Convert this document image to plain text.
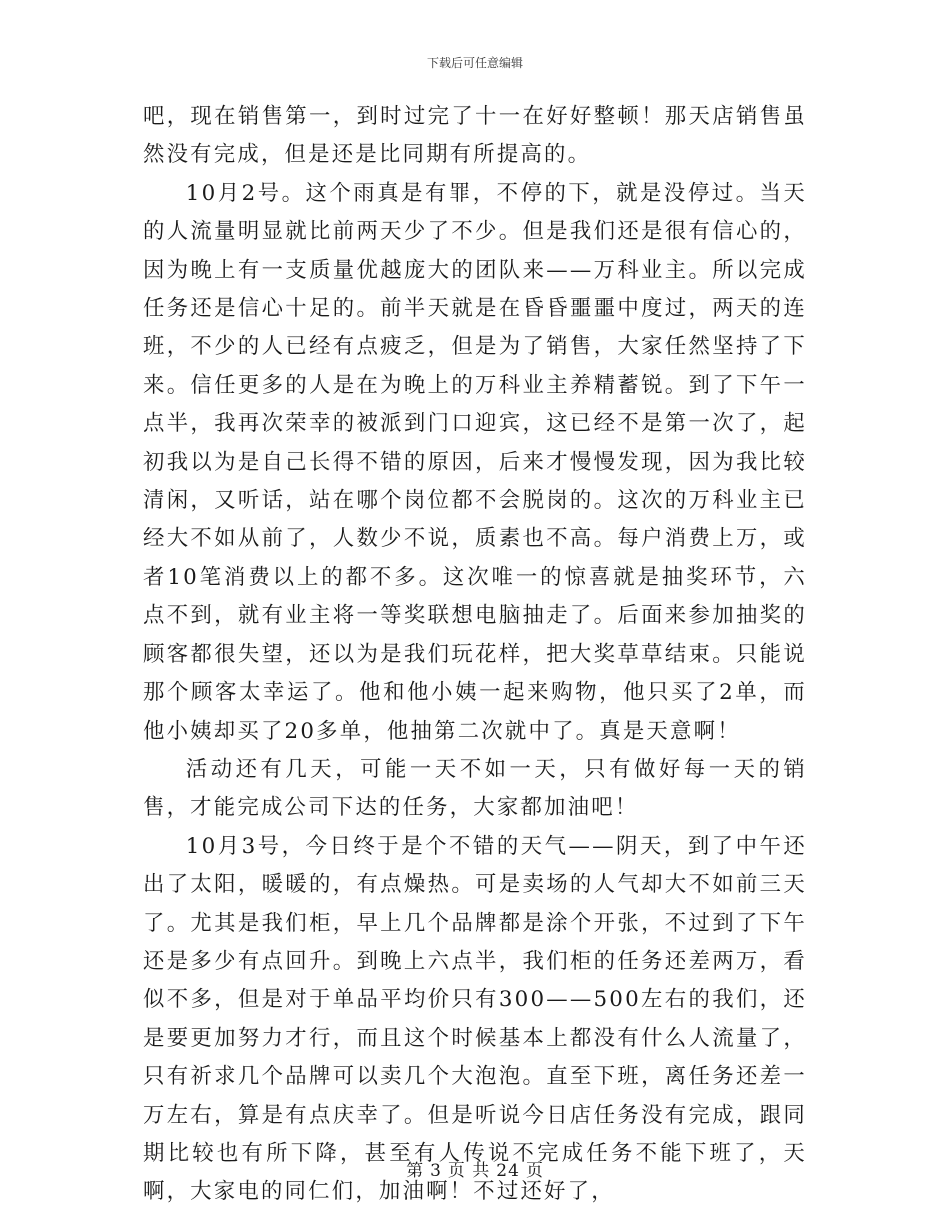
下载后可任意编辑

吧，现在销售第一，到时过完了十一在好好整顿！那天店销售虽然没有完成，但是还是比同期有所提高的。

10月2号。这个雨真是有罪，不停的下，就是没停过。当天的人流量明显就比前两天少了不少。但是我们还是很有信心的，因为晚上有一支质量优越庞大的团队来——万科业主。所以完成任务还是信心十足的。前半天就是在昏昏噩噩中度过，两天的连班，不少的人已经有点疲乏，但是为了销售，大家任然坚持了下来。信任更多的人是在为晚上的万科业主养精蓄锐。到了下午一点半，我再次荣幸的被派到门口迎宾，这已经不是第一次了，起初我以为是自己长得不错的原因，后来才慢慢发现，因为我比较清闲，又听话，站在哪个岗位都不会脱岗的。这次的万科业主已经大不如从前了，人数少不说，质素也不高。每户消费上万，或者10笔消费以上的都不多。这次唯一的惊喜就是抽奖环节，六点不到，就有业主将一等奖联想电脑抽走了。后面来参加抽奖的顾客都很失望，还以为是我们玩花样，把大奖草草结束。只能说那个顾客太幸运了。他和他小姨一起来购物，他只买了2单，而他小姨却买了20多单，他抽第二次就中了。真是天意啊！

活动还有几天，可能一天不如一天，只有做好每一天的销售，才能完成公司下达的任务，大家都加油吧！

10月3号，今日终于是个不错的天气——阴天，到了中午还出了太阳，暖暖的，有点燥热。可是卖场的人气却大不如前三天了。尤其是我们柜，早上几个品牌都是涂个开张，不过到了下午还是多少有点回升。到晚上六点半，我们柜的任务还差两万，看似不多，但是对于单品平均价只有300——500左右的我们，还是要更加努力才行，而且这个时候基本上都没有什么人流量了，只有祈求几个品牌可以卖几个大泡泡。直至下班，离任务还差一万左右，算是有点庆幸了。但是听说今日店任务没有完成，跟同期比较也有所下降，甚至有人传说不完成任务不能下班了，天啊，大家电的同仁们，加油啊！不过还好了，

第 3 页 共 24 页
